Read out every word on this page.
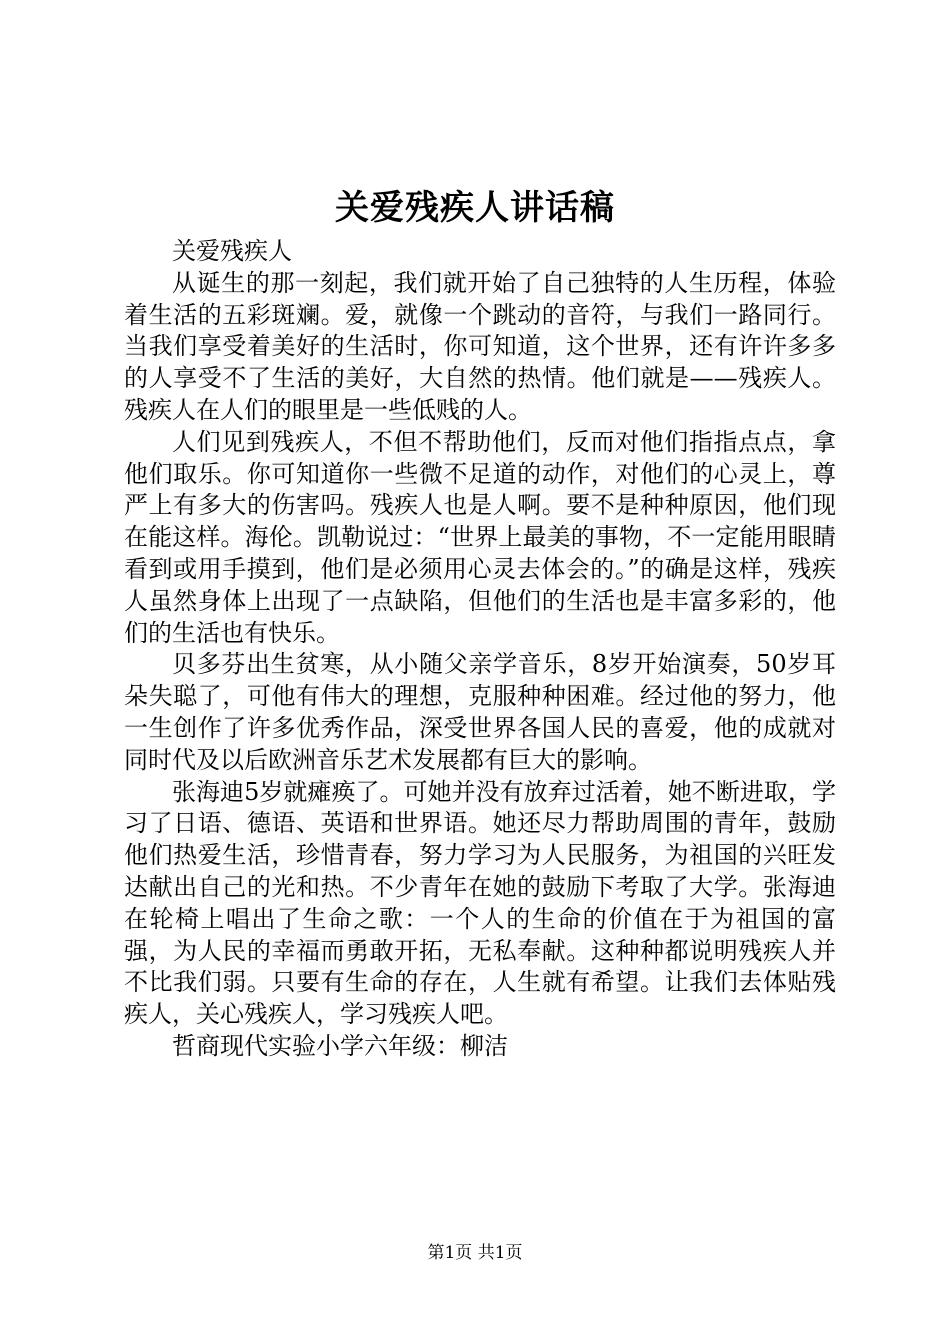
关爱残疾人讲话稿

关爱残疾人

从诞生的那一刻起，我们就开始了自己独特的人生历程，体验着生活的五彩斑斓。爱，就像一个跳动的音符，与我们一路同行。当我们享受着美好的生活时，你可知道，这个世界，还有许许多多的人享受不了生活的美好，大自然的热情。他们就是——残疾人。残疾人在人们的眼里是一些低贱的人。

人们见到残疾人，不但不帮助他们，反而对他们指指点点，拿他们取乐。你可知道你一些微不足道的动作，对他们的心灵上，尊严上有多大的伤害吗。残疾人也是人啊。要不是种种原因，他们现在能这样。海伦。凯勒说过：“世界上最美的事物，不一定能用眼睛看到或用手摸到，他们是必须用心灵去体会的。”的确是这样，残疾人虽然身体上出现了一点缺陷，但他们的生活也是丰富多彩的，他们的生活也有快乐。

贝多芬出生贫寒，从小随父亲学音乐，8岁开始演奏，50岁耳朵失聪了，可他有伟大的理想，克服种种困难。经过他的努力，他一生创作了许多优秀作品，深受世界各国人民的喜爱，他的成就对同时代及以后欧洲音乐艺术发展都有巨大的影响。

张海迪5岁就瘫痪了。可她并没有放弃过活着，她不断进取，学习了日语、德语、英语和世界语。她还尽力帮助周围的青年，鼓励他们热爱生活，珍惜青春，努力学习为人民服务，为祖国的兴旺发达献出自己的光和热。不少青年在她的鼓励下考取了大学。张海迪在轮椅上唱出了生命之歌：一个人的生命的价值在于为祖国的富强，为人民的幸福而勇敢开拓，无私奉献。这种种都说明残疾人并不比我们弱。只要有生命的存在，人生就有希望。让我们去体贴残疾人，关心残疾人，学习残疾人吧。

哲商现代实验小学六年级：柳洁

第1页 共1页
